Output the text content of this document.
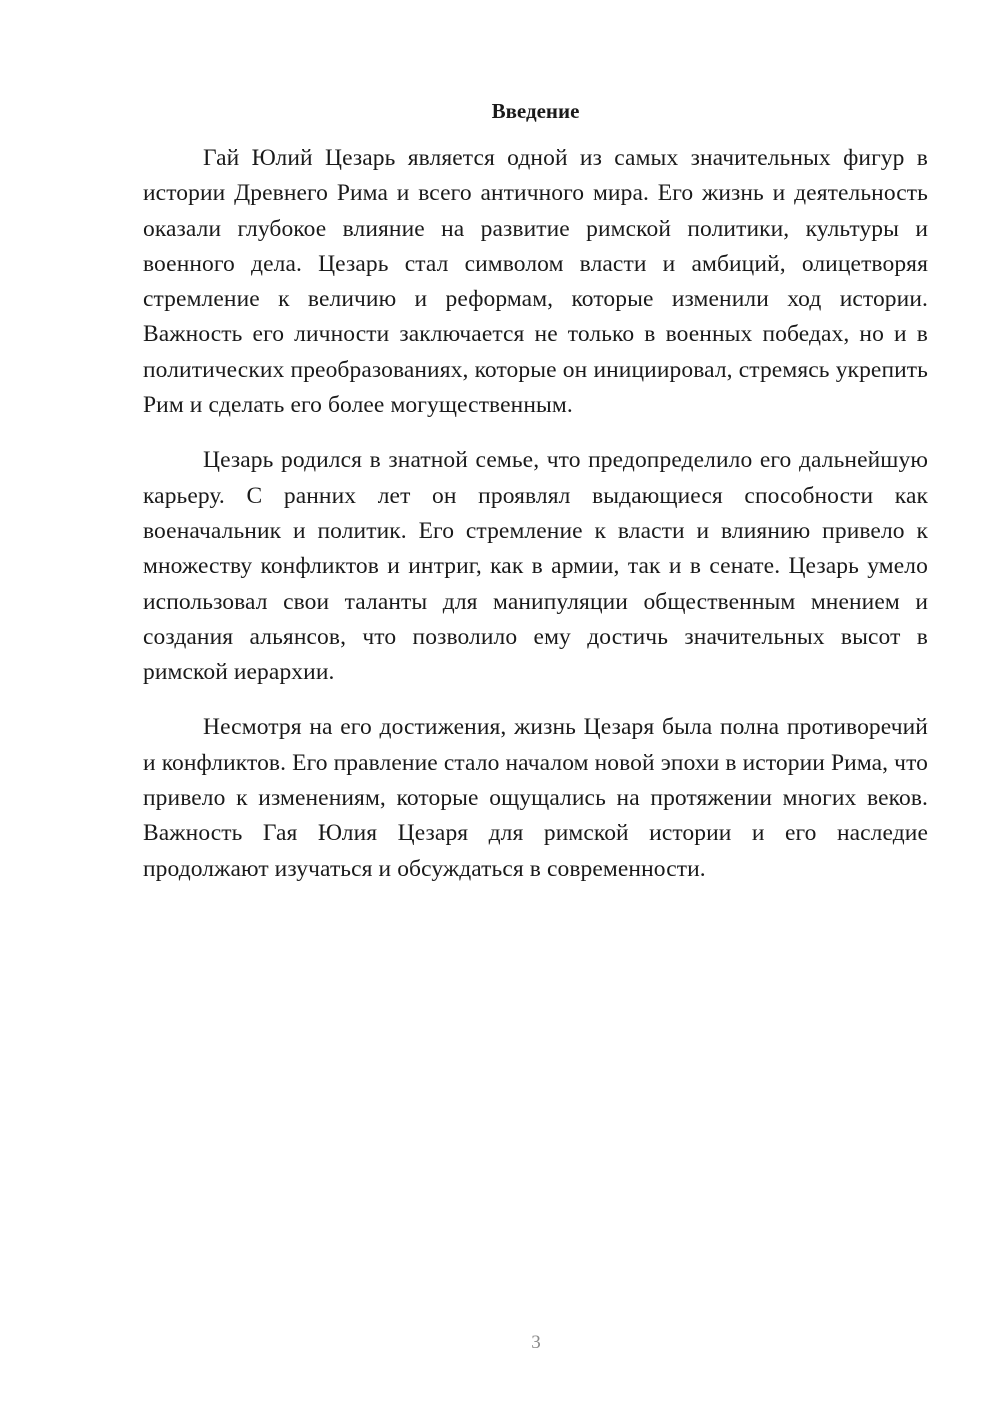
Введение

Гай Юлий Цезарь является одной из самых значительных фигур в истории Древнего Рима и всего античного мира. Его жизнь и деятельность оказали глубокое влияние на развитие римской политики, культуры и военного дела. Цезарь стал символом власти и амбиций, олицетворяя стремление к величию и реформам, которые изменили ход истории. Важность его личности заключается не только в военных победах, но и в политических преобразованиях, которые он инициировал, стремясь укрепить Рим и сделать его более могущественным.

Цезарь родился в знатной семье, что предопределило его дальнейшую карьеру. С ранних лет он проявлял выдающиеся способности как военачальник и политик. Его стремление к власти и влиянию привело к множеству конфликтов и интриг, как в армии, так и в сенате. Цезарь умело использовал свои таланты для манипуляции общественным мнением и создания альянсов, что позволило ему достичь значительных высот в римской иерархии.

Несмотря на его достижения, жизнь Цезаря была полна противоречий и конфликтов. Его правление стало началом новой эпохи в истории Рима, что привело к изменениям, которые ощущались на протяжении многих веков. Важность Гая Юлия Цезаря для римской истории и его наследие продолжают изучаться и обсуждаться в современности.

3
